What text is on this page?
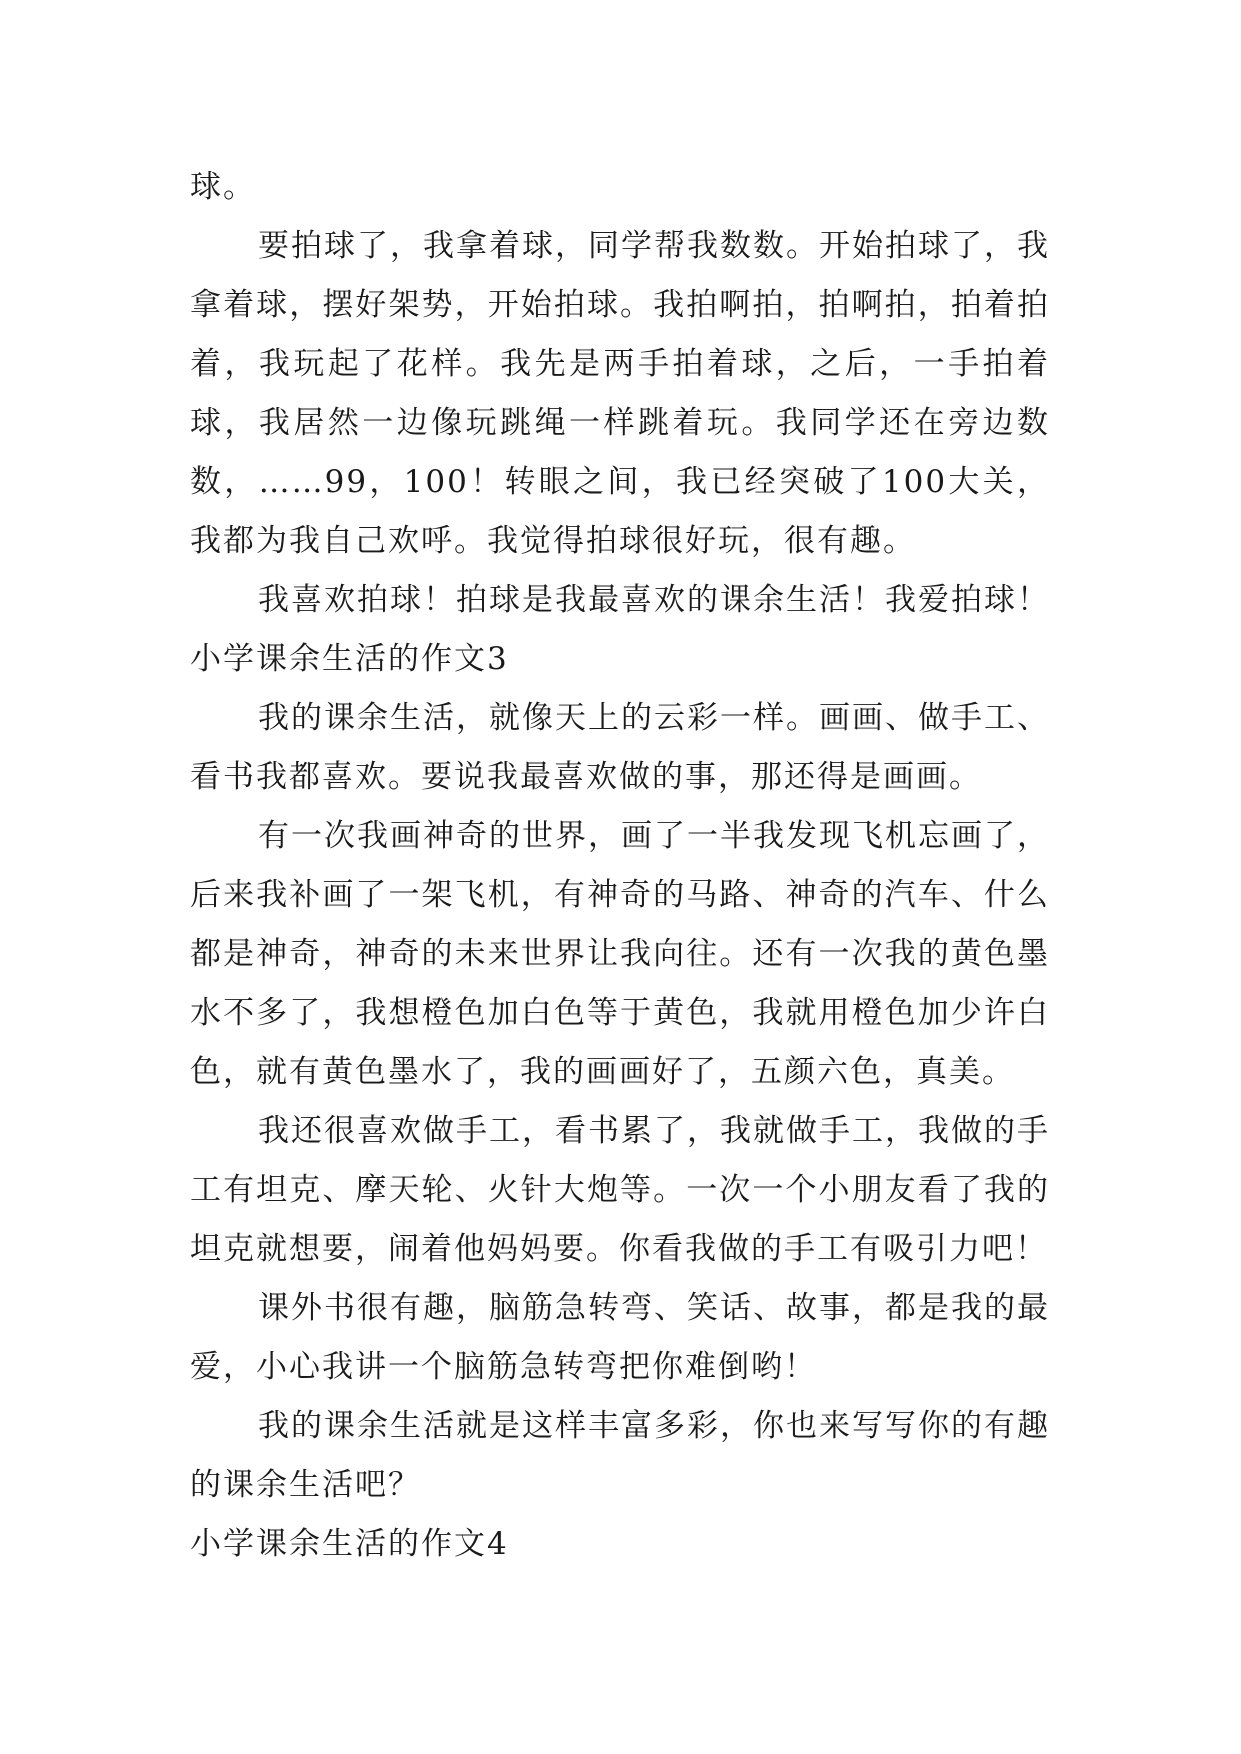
球。

要拍球了，我拿着球，同学帮我数数。开始拍球了，我拿着球，摆好架势，开始拍球。我拍啊拍，拍啊拍，拍着拍着，我玩起了花样。我先是两手拍着球，之后，一手拍着球，我居然一边像玩跳绳一样跳着玩。我同学还在旁边数数，……99，100！转眼之间，我已经突破了100大关，我都为我自己欢呼。我觉得拍球很好玩，很有趣。

我喜欢拍球！拍球是我最喜欢的课余生活！我爱拍球！

小学课余生活的作文3

我的课余生活，就像天上的云彩一样。画画、做手工、看书我都喜欢。要说我最喜欢做的事，那还得是画画。

有一次我画神奇的世界，画了一半我发现飞机忘画了，后来我补画了一架飞机，有神奇的马路、神奇的汽车、什么都是神奇，神奇的未来世界让我向往。还有一次我的黄色墨水不多了，我想橙色加白色等于黄色，我就用橙色加少许白色，就有黄色墨水了，我的画画好了，五颜六色，真美。

我还很喜欢做手工，看书累了，我就做手工，我做的手工有坦克、摩天轮、火针大炮等。一次一个小朋友看了我的坦克就想要，闹着他妈妈要。你看我做的手工有吸引力吧！

课外书很有趣，脑筋急转弯、笑话、故事，都是我的最爱，小心我讲一个脑筋急转弯把你难倒哟！

我的课余生活就是这样丰富多彩，你也来写写你的有趣的课余生活吧？

小学课余生活的作文4
